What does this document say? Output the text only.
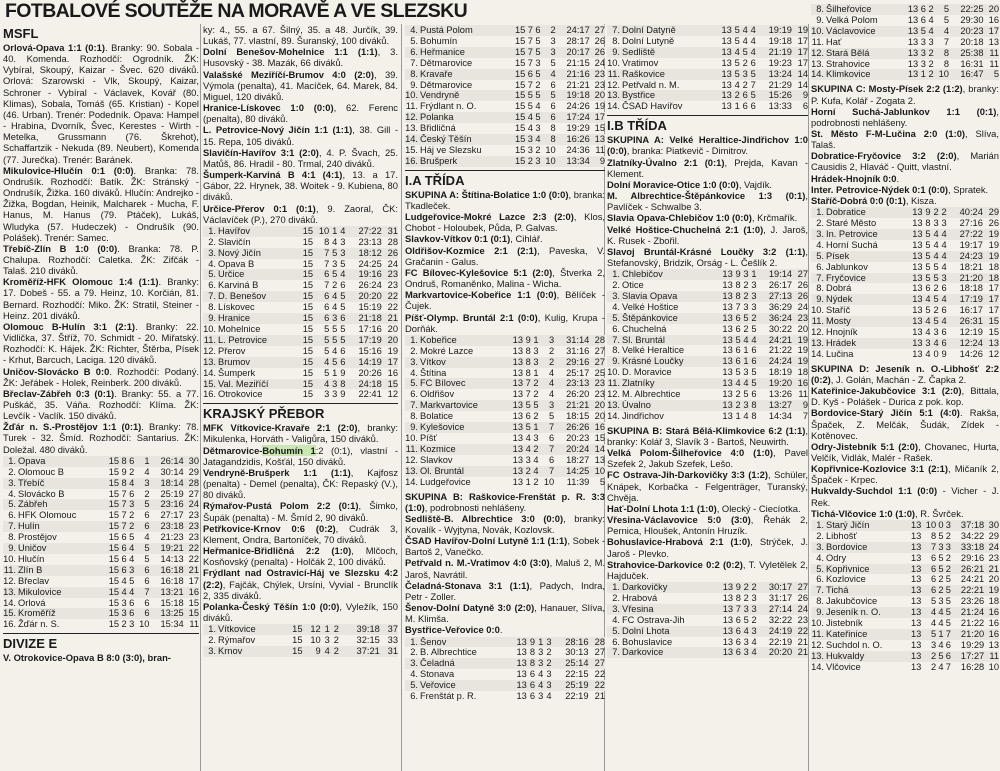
FOTBALOVÉ SOUTĚŽE NA MORAVĚ A VE SLEZSKU
MSFL

Orlová-Opava 1:1 (0:1). Branky: 90. Sobala - 40. Komenda. Rozhodčí: Ogrodník. ŽK: Vybíral, Skoupý, Kaizar - Švec. 620 diváků. Orlová: Szarowski - Vlk, Skoupý, Kaizar, Schroner - Vybíral - Václavek, Kovář (80. Klimas), Sobala, Tomáš (65. Kristian) - Kopel (46. Urban). Trenér: Podedník. Opava: Hampel - Hrabina, Dvorník, Švec, Kerestes - Wirth - Metelka, Grussmann (76. Škrehot), Schaffartzik - Nekuda (89. Neubert), Komenda (77. Jurečka). Trenér: Baránek.

Mikulovice-Hlučín 0:1 (0:0). Branka: 78. Ondrušík. Rozhodčí: Batík. ŽK: Stránský - Ondrušík, Žižka. 160 diváků. Hlučín: Andrejko - Žižka, Bogdan, Heinik, Malcharek - Mucha, F. Hanus, M. Hanus (79. Ptáček), Lukáš, Wludyka (57. Hudeczek) - Ondrušík (90. Polášek). Trenér: Samec.

Třebíč-Zlín B 1:0 (0:0). Branka: 78. P. Chalupa. Rozhodčí: Caletka. ŽK: Zifčák - Talaš. 210 diváků.

Kroměříž-HFK Olomouc 1:4 (1:1). Branky: 17. Dobeš - 55. a 79. Heinz, 10. Korčián, 81. Bernard. Rozhodčí: Miko. ŽK: Stratil, Steiner - Heinz. 201 diváků.

Olomouc B-Hulín 3:1 (2:1). Branky: 22. Vidlička, 37. Štříž, 70. Schmidt - 20. Miřatský. Rozhodčí: K. Hájek. ŽK: Richter, Štěrba, Písek - Krhut, Barcuch, Laciga. 120 diváků.

Uničov-Slovácko B 0:0. Rozhodčí: Podaný. ŽK: Jeřábek - Holek, Reinberk. 200 diváků.

Břeclav-Zábřeh 0:3 (0:1). Branky: 55. a 77. Puškáč, 35. Váňa. Rozhodčí: Klíma. ŽK: Levčík - Vaclík. 150 diváků.

Žďár n. S.-Prostějov 1:1 (0:1). Branky: 78. Turek - 32. Šmíd. Rozhodčí: Santarius. ŽK: Doležal. 480 diváků.

1.	Opava	15	8	6	1	26:14	30
2.	Olomouc B	15	9	2	4	30:14	29
3.	Třebíč	15	8	4	3	18:14	28
4.	Slovácko B	15	7	6	2	25:19	27
5.	Zábřeh	15	7	3	5	23:16	24
6.	HFK Olomouc	15	7	2	6	27:17	23
7.	Hulín	15	7	2	6	23:18	23
8.	Prostějov	15	6	5	4	21:23	23
9.	Uničov	15	6	4	5	19:21	22
10.	Hlučín	15	6	4	5	14:13	22
11.	Zlín B	15	6	3	6	16:18	21
12.	Břeclav	15	4	5	6	16:18	17
13.	Mikulovice	15	4	4	7	13:21	16
14.	Orlová	15	3	6	6	15:18	15
15.	Kroměříž	15	3	6	6	13:25	15
16.	Žďár n. S.	15	2	3	10	15:34	11
DIVIZE E

V. Otrokovice-Opava B 8:0 (3:0), bran-

ky: 4., 55. a 67. Šilný, 35. a 48. Jurčík, 39. Lukáš, 77. vlastní, 89. Šuranský, 100 diváků.

Dolní Benešov-Mohelnice 1:1 (1:1), 3. Husovský - 38. Mazák, 66 diváků.

Valašské Meziříčí-Brumov 4:0 (2:0), 39. Výmola (penalta), 41. Macíček, 64. Marek, 84. Miguel, 120 diváků.

Hranice-Lískovec 1:0 (0:0), 62. Ferenc (penalta), 80 diváků.

L. Petrovice-Nový Jičín 1:1 (1:1), 38. Gill - 15. Repa, 105 diváků.

Slavičín-Havířov 3:1 (2:0), 4. P. Švach, 25. Matůš, 86. Hradil - 80. Trmal, 240 diváků.

Šumperk-Karviná B 4:1 (4:1), 13. a 17. Gábor, 22. Hrynek, 38. Woitek - 9. Kubiena, 80 diváků.

Určice-Přerov 0:1 (0:1), 9. Zaoral, ČK: Václavíček (P.), 270 diváků.

1.	Havířov	15	10	1	4	27:22	31
2.	Slavičín	15	8	4	3	23:13	28
3.	Nový Jičín	15	7	5	3	18:12	26
4.	Opava B	15	7	3	5	24:25	24
5.	Určice	15	6	5	4	19:16	23
6.	Karviná B	15	7	2	6	26:24	23
7.	D. Benešov	15	6	4	5	20:20	22
8.	Lískovec	15	6	4	5	15:19	22
9.	Hranice	15	6	3	6	21:18	21
10.	Mohelnice	15	5	5	5	17:16	20
11.	L. Petrovice	15	5	5	5	17:19	20
12.	Přerov	15	5	4	6	15:16	19
13.	Brumov	15	4	5	6	14:19	17
14.	Šumperk	15	5	1	9	20:26	16
15.	Val. Meziříčí	15	4	3	8	24:18	15
16.	Otrokovice	15	3	3	9	22:41	12
KRAJSKÝ PŘEBOR

MFK Vítkovice-Kravaře 2:1 (2:0), branky: Mikulenka, Horváth - Valigůra, 150 diváků.

Dětmarovice-Bohumín 1:2 (0:1), vlastní - Jatagandzidis, Košťál, 150 diváků.

Vendryně-Brušperk 1:1 (1:1), Kajfosz (penalta) - Demel (penalta), ČK: Repaský (V.), 80 diváků.

Rýmařov-Pustá Polom 2:2 (0:1), Šimko, Šupák (penalta) - M. Šmíd 2, 90 diváků.

Petřkovice-Krnov 0:6 (0:2), Cudrák 3, Klement, Ondra, Bartoníček, 70 diváků.

Heřmanice-Břidličná 2:2 (1:0), Mlčoch, Kosňovský (penalta) - Holčák 2, 100 diváků.

Frýdlant nad Ostravicí-Háj ve Slezsku 4:2 (2:2), Fajčák, Chýlek, Ursíni, Vyvial - Brunclík 2, 335 diváků.

Polanka-Český Těšín 1:0 (0:0), Vyležík, 150 diváků.

1.	Vítkovice	15	12	1	2	39:18	37
2.	Rýmařov	15	10	3	2	32:15	33
3.	Krnov	15	9	4	2	37:21	31
4.	Pustá Polom	15	7	6	2	24:17	27
5.	Bohumín	15	7	5	3	28:17	26
6.	Heřmanice	15	7	5	3	20:17	26
7.	Dětmarovice	15	7	3	5	21:15	24
8.	Kravaře	15	6	5	4	21:16	23
9.	Dětmarovice	15	7	2	6	21:21	23
10.	Vendryně	15	5	5	5	19:18	20
11.	Frýdlant n. O.	15	5	4	6	24:26	19
12.	Polanka	15	4	5	6	17:24	17
13.	Břidličná	15	4	3	8	19:29	15
14.	Český Těšín	15	3	4	8	16:26	13
15.	Háj ve Slezsku	15	3	2	10	24:36	11
16.	Brušperk	15	2	3	10	13:34	9
I.A TŘÍDA

SKUPINA A: Štítina-Bolatice 1:0 (0:0), branka: Tkadleček.

Ludgeřovice-Mokré Lazce 2:3 (2:0), Klos, Chobot - Holoubek, Půda, P. Galvas.

Slavkov-Vítkov 0:1 (0:1), Cihlář.

Oldřišov-Kozmice 2:1 (2:1), Paveska, V. Gračanin - Galus.

FC Bílovec-Kylešovice 5:1 (2:0), Štverka 2, Ondruš, Romaněnko, Malina - Wicha.

Markvartovice-Kobeřice 1:1 (0:0), Bělíček - Čujek.

Píšť-Olymp. Bruntál 2:1 (0:0), Kulig, Krupa - Dorňák.

1.	Kobeřice	13	9	1	3	31:14	28
2.	Mokré Lazce	13	8	3	2	31:16	27
3.	Vítkov	13	8	3	2	29:16	27
4.	Štítina	13	8	1	4	25:17	25
5.	FC Bílovec	13	7	2	4	23:13	23
6.	Oldřišov	13	7	2	4	26:20	23
7.	Markvartovice	13	5	5	3	21:21	20
8.	Bolatice	13	6	2	5	18:15	20
9.	Kylešovice	13	5	1	7	26:26	16
10.	Píšť	13	4	3	6	20:23	15
11.	Kozmice	13	4	2	7	20:24	14
12.	Slavkov	13	3	4	6	18:27	13
13.	Ol. Bruntál	13	2	4	7	14:25	10
14.	Ludgeřovice	13	1	2	10	11:39	5

SKUPINA B: Raškovice-Frenštát p. R. 3:3 (1:0), podrobnosti nehlášeny.

Sedliště-B. Albrechtice 3:0 (0:0), branky: Kovalík - Wyjtyna, Novák, Kozlovsk.

ČSAD Havířov-Dolní Lutyně 1:1 (1:1), Sobek - Bartoš 2, Vanečko.

Petřvald n. M.-Vratimov 4:0 (3:0), Maluš 2, M. Jaroš, Navrátil.

Čeladná-Stonava 3:1 (1:1), Padych, Indra, Petr - Zoller.

Šenov-Dolní Datyně 3:0 (2:0), Hanauer, Slíva, M. Klimša.

Bystřice-Veřovice 0:0.

1.	Šenov	13	9	1	3	28:16	28
2.	B. Albrechtice	13	8	3	2	30:13	27
3.	Čeladná	13	8	3	2	25:14	27
4.	Stonava	13	6	4	3	22:15	22
5.	Veřovice	13	6	4	3	25:19	22
6.	Frenštát p. R.	13	6	3	4	22:19	21
7.	Dolní Datyně	13	5	4	4	19:19	19
8.	Dolní Lutyně	13	5	4	4	19:18	17
9.	Sedliště	13	4	5	4	21:19	17
10.	Vratimov	13	5	2	6	19:23	17
11.	Raškovice	13	5	3	5	13:24	14
12.	Petřvald n. M.	13	4	2	7	21:29	14
13.	Bystřice	13	2	6	5	15:26	9
14.	ČSAD Havířov	13	1	6	6	13:33	6
I.B TŘÍDA

SKUPINA A: Velké Heraltice-Jindřichov 1:0 (0:0), branka: Piatkevič - Dimitrov.

Zlatníky-Úvalno 2:1 (0:1), Prejda, Kavan - Klement.

Dolní Moravice-Otice 1:0 (0:0), Vajdík.

M. Albrechtice-Štěpánkovice 1:3 (0:1), Pavlíček - Schwalbe 3.

Slavia Opava-Chlebičov 1:0 (0:0), Krčmařík.

Velké Hoštice-Chuchelná 2:1 (1:0), J. Jaroš, K. Rusek - Zbořil.

Slavoj Bruntál-Krásné Loučky 3:2 (1:1), Stefanovský, Bridzik, Orság - L. Češlík 2.

1.	Chlebičov	13	9	3	1	19:14	27
2.	Otice	13	8	2	3	26:17	26
3.	Slavia Opava	13	8	2	3	27:13	26
4.	Velké Hoštice	13	7	3	3	36:29	24
5.	Štěpánkovice	13	6	5	2	36:24	23
6.	Chuchelná	13	6	2	5	30:22	20
7.	Sl. Bruntál	13	5	4	4	24:21	19
8.	Velké Heraltice	13	6	1	6	21:22	19
9.	Krásné Loučky	13	6	1	6	24:24	19
10.	D. Moravice	13	5	3	5	18:19	18
11.	Zlatníky	13	4	4	5	19:20	16
12.	M. Albrechtice	13	2	5	6	13:26	11
13.	Úvalno	13	2	3	8	13:27	9
14.	Jindřichov	13	1	4	8	14:34	7

SKUPINA B: Stará Bělá-Klimkovice 6:2 (1:1), branky: Kolář 3, Slavík 3 - Bartoš, Neuwirth.

Velká Polom-Šilheřovice 4:0 (1:0), Pavel Szefek 2, Jakub Szefek, Lešo.

FC Ostrava-Jih-Darkovičky 3:3 (1:2), Schüler, Knápek, Korbačka - Felgenträger, Turanský, Chvěja.

Hať-Dolní Lhota 1:1 (1:0), Olecký - Ciecíotka.

Vřesina-Václavovice 5:0 (3:0), Řehák 2, Pernica, Hloušek, Antonín Hruzík.

Bohuslavice-Hrabová 2:1 (1:0), Strýček, J. Jaroš - Plevko.

Strahovice-Darkovice 0:2 (0:2), T. Vyletělek 2, Hajduček.

1.	Darkovičky	13	9	2	2	30:17	27
2.	Hrabová	13	8	2	3	31:17	26
3.	Vřesina	13	7	3	3	27:14	24
4.	FC Ostrava-Jih	13	6	5	2	32:22	23
5.	Dolní Lhota	13	6	4	3	24:19	22
6.	Bohuslavice	13	6	3	4	22:19	21
7.	Darkovice	13	6	3	4	20:20	21
8.	Šilheřovice	13	6	2	5	22:25	20
9.	Velká Polom	13	6	4	5	29:30	16
10.	Václavovice	13	5	4	4	20:23	17
11.	Hať	13	3	3	7	20:18	13
12.	Stará Bělá	13	3	2	8	25:38	11
13.	Strahovice	13	3	2	8	16:31	11
14.	Klimkovice	13	1	2	10	16:47	5

SKUPINA C: Mosty-Písek 2:2 (1:2), branky: P. Kufa, Kolář - Zogata 2.

Horní Suchá-Jablunkov 1:1 (0:1), podrobnosti nehlášeny.

St. Město F-M-Lučina 2:0 (1:0), Slíva, Talaš.

Dobratice-Fryčovice 3:2 (2:0), Marián Causidis 2, Hlaváč - Quitt, vlastní.

Hrádek-Hnojník 0:0.

Inter. Petrovice-Nýdek 0:1 (0:0), Spratek.

Staříč-Dobrá 0:0 (0:1), Kisza.

1.	Dobratice	13	9	2	2	40:24	29
2.	Staré Město	13	8	3	3	27:16	26
3.	In. Petrovice	13	5	4	4	27:22	19
4.	Horní Suchá	13	5	4	4	19:17	19
5.	Písek	13	5	4	4	24:23	19
6.	Jablunkov	13	5	5	4	18:21	18
7.	Fryčovice	13	5	5	3	21:20	18
8.	Dobrá	13	6	2	6	18:18	17
9.	Nýdek	13	4	5	4	17:19	17
10.	Staříč	13	5	2	6	16:17	17
11.	Mosty	13	4	5	4	26:31	15
12.	Hnojník	13	4	3	6	12:19	15
13.	Hrádek	13	3	4	6	12:24	13
14.	Lučina	13	4	0	9	14:26	12

SKUPINA D: Jeseník n. O.-Libhošť 2:2 (0:2), J. Golán, Machán - Z. Čapka 2.

Kateřinice-Jakubčovice 3:1 (2:0), Bittala, D. Kyš - Polášek - Durica z pok. kop.

Bordovice-Starý Jičín 5:1 (4:0). Rakša, Špaček, Z. Melčák, Šudák, Zídek - Kotěnovec.

Odry-Jistebník 5:1 (2:0), Chovanec, Hurta, Velčík, Vidlák, Malér - Rašek.

Kopřivnice-Kozlovice 3:1 (2:1), Mičaník 2, Špaček - Krpec.

Hukvaldy-Suchdol 1:1 (0:0) - Vicher - J. Rek.

Tichá-Vlčovice 1:0 (1:0), R. Švrček.

1.	Starý Jičín	13	10	0	3	37:18	30
2.	Libhošť	13	8	5	2	34:22	29
3.	Bordovice	13	7	3	3	33:18	24
4.	Odry	13	6	5	2	29:16	23
5.	Kopřivnice	13	6	5	2	26:21	21
6.	Kozlovice	13	6	2	5	24:21	20
7.	Tichá	13	6	2	5	22:21	19
8.	Jakubčovice	13	5	3	5	23:26	18
9.	Jeseník n. O.	13	4	4	5	21:24	16
10.	Jistebník	13	4	4	5	21:22	16
11.	Kateřinice	13	5	1	7	21:20	16
12.	Suchdol n. O.	13	3	4	6	19:29	13
13.	Hukvaldy	13	2	5	6	17:27	11
14.	Vlčovice	13	2	4	7	16:28	10
